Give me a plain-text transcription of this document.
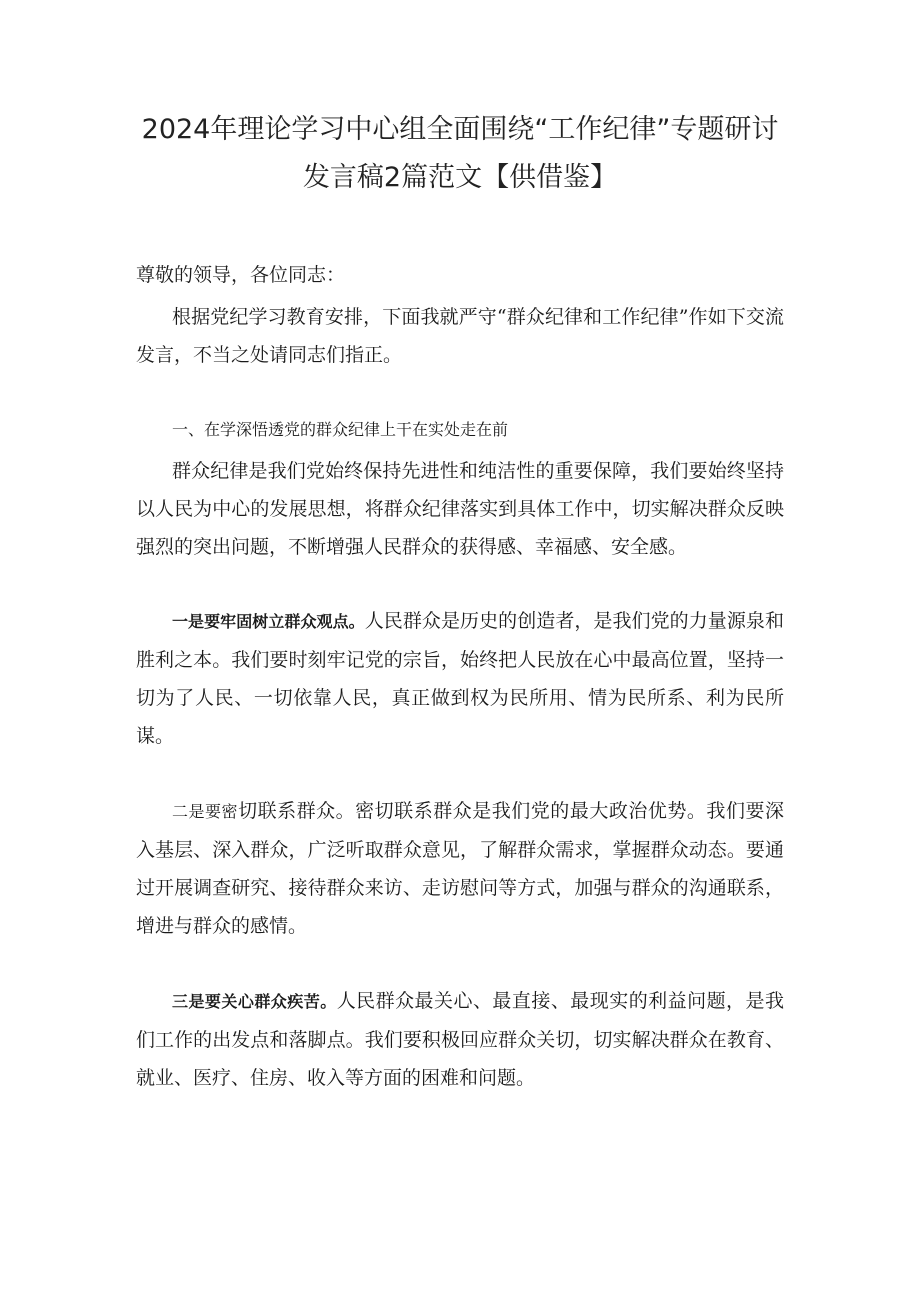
2024年理论学习中心组全面围绕“工作纪律”专题研讨
发言稿2篇范文【供借鉴】
尊敬的领导，各位同志：
根据党纪学习教育安排，下面我就严守“群众纪律和工作纪律”作如下交流发言，不当之处请同志们指正。
一、在学深悟透党的群众纪律上干在实处走在前
群众纪律是我们党始终保持先进性和纯洁性的重要保障，我们要始终坚持以人民为中心的发展思想，将群众纪律落实到具体工作中，切实解决群众反映强烈的突出问题，不断增强人民群众的获得感、幸福感、安全感。
一是要牢固树立群众观点。人民群众是历史的创造者，是我们党的力量源泉和胜利之本。我们要时刻牢记党的宗旨，始终把人民放在心中最高位置，坚持一切为了人民、一切依靠人民，真正做到权为民所用、情为民所系、利为民所谋。
二是要密切联系群众。密切联系群众是我们党的最大政治优势。我们要深入基层、深入群众，广泛听取群众意见，了解群众需求，掌握群众动态。要通过开展调查研究、接待群众来访、走访慰问等方式，加强与群众的沟通联系，增进与群众的感情。
三是要关心群众疾苦。人民群众最关心、最直接、最现实的利益问题，是我们工作的出发点和落脚点。我们要积极回应群众关切，切实解决群众在教育、就业、医疗、住房、收入等方面的困难和问题。
